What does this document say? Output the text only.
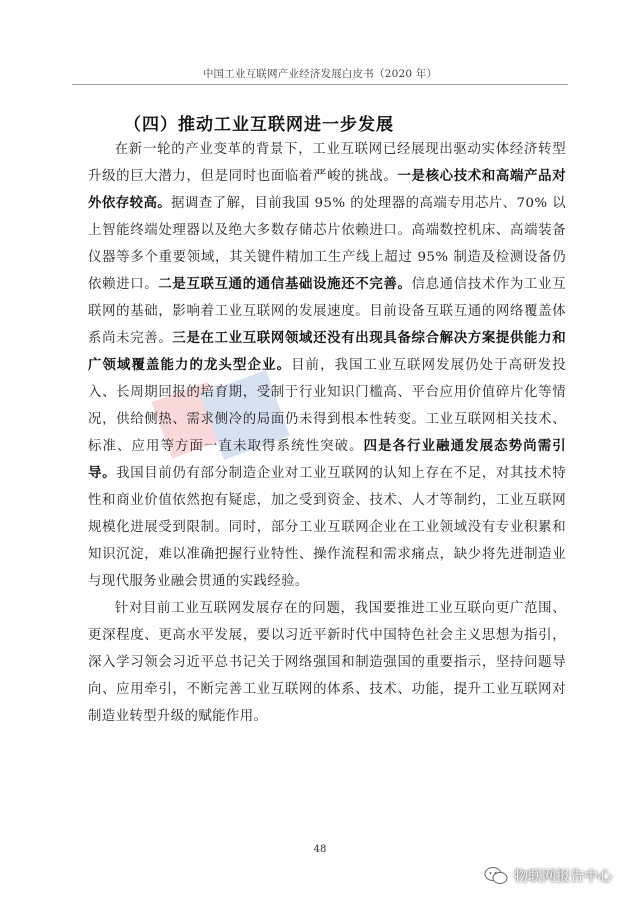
中国工业互联网产业经济发展白皮书（2020 年）
（四）推动工业互联网进一步发展

在新一轮的产业变革的背景下，工业互联网已经展现出驱动实体经济转型升级的巨大潜力，但是同时也面临着严峻的挑战。一是核心技术和高端产品对外依存较高。据调查了解，目前我国 95% 的处理器的高端专用芯片、70% 以上智能终端处理器以及绝大多数存储芯片依赖进口。高端数控机床、高端装备仪器等多个重要领域，其关键件精加工生产线上超过 95% 制造及检测设备仍依赖进口。二是互联互通的通信基础设施还不完善。信息通信技术作为工业互联网的基础，影响着工业互联网的发展速度。目前设备互联互通的网络覆盖体系尚未完善。三是在工业互联网领域还没有出现具备综合解决方案提供能力和广领域覆盖能力的龙头型企业。目前，我国工业互联网发展仍处于高研发投入、长周期回报的培育期，受制于行业知识门槛高、平台应用价值碎片化等情况，供给侧热、需求侧冷的局面仍未得到根本性转变。工业互联网相关技术、标准、应用等方面一直未取得系统性突破。四是各行业融通发展态势尚需引导。我国目前仍有部分制造企业对工业互联网的认知上存在不足，对其技术特性和商业价值依然抱有疑虑，加之受到资金、技术、人才等制约，工业互联网规模化进展受到限制。同时，部分工业互联网企业在工业领域没有专业积累和知识沉淀，难以准确把握行业特性、操作流程和需求痛点，缺少将先进制造业与现代服务业融会贯通的实践经验。

针对目前工业互联网发展存在的问题，我国要推进工业互联向更广范围、更深程度、更高水平发展，要以习近平新时代中国特色社会主义思想为指引，深入学习领会习近平总书记关于网络强国和制造强国的重要指示，坚持问题导向、应用牵引，不断完善工业互联网的体系、技术、功能，提升工业互联网对制造业转型升级的赋能作用。

48
物联网报告中心
